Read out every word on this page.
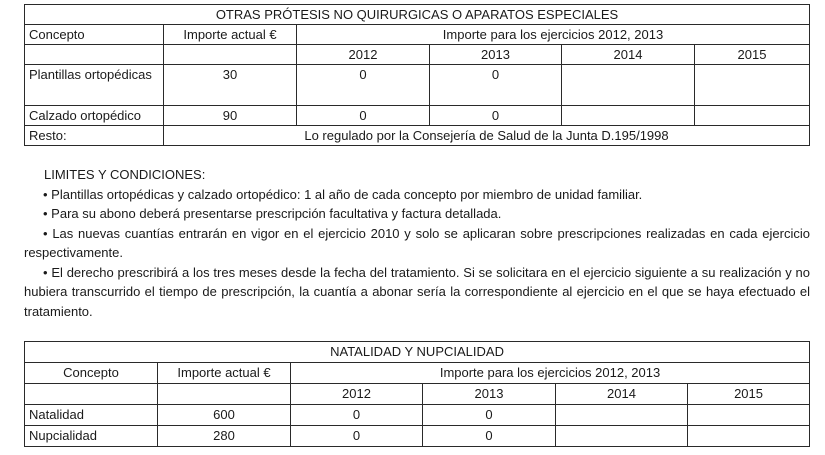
OTRAS PRÓTESIS NO QUIRURGICAS O APARATOS ESPECIALES					
Concepto	Importe actual €	Importe para los ejercicios 2012, 2013			
		2012	2013	2014	2015
Plantillas ortopédicas	30	0	0		
Calzado ortopédico	90	0	0		
Resto:	Lo regulado por la Consejería de Salud de la Junta D.195/1998				

LIMITES Y CONDICIONES:

• Plantillas ortopédicas y calzado ortopédico: 1 al año de cada concepto por miembro de unidad familiar.

• Para su abono deberá presentarse prescripción facultativa y factura detallada.

• Las nuevas cuantías entrarán en vigor en el ejercicio 2010 y solo se aplicaran sobre prescripciones realizadas en cada ejercicio respectivamente.

• El derecho prescribirá a los tres meses desde la fecha del tratamiento. Si se solicitara en el ejercicio siguiente a su realización y no hubiera transcurrido el tiempo de prescripción, la cuantía a abonar sería la correspondiente al ejercicio en el que se haya efectuado el tratamiento.

NATALIDAD Y NUPCIALIDAD					
Concepto	Importe actual €	Importe para los ejercicios 2012, 2013			
		2012	2013	2014	2015
Natalidad	600	0	0		
Nupcialidad	280	0	0		
